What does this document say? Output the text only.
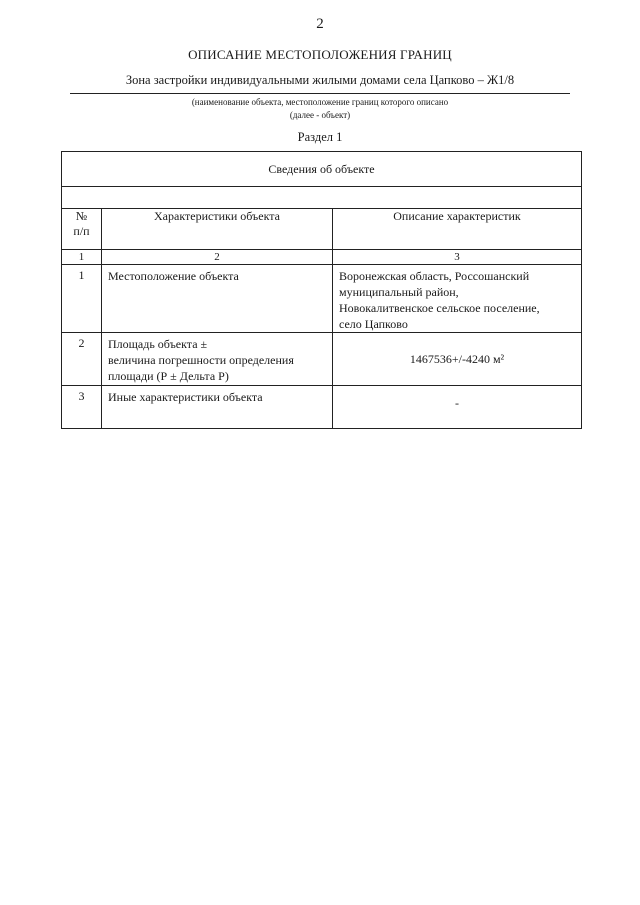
2
ОПИСАНИЕ МЕСТОПОЛОЖЕНИЯ ГРАНИЦ
Зона застройки индивидуальными жилыми домами села Цапково – Ж1/8
(наименование объекта, местоположение границ которого описано
(далее - объект)
Раздел 1
Сведения об объекте		

№
п/п	Характеристики объекта	Описание характеристик
1	2	3
1	Местоположение объекта	Воронежская область, Россошанский
муниципальный район,
Новокалитвенское сельское поселение,
село Цапково

2	Площадь объекта ±
величина погрешности определения
площади (Р ± Дельта Р)	1467536+/-4240 м²
3	Иные характеристики объекта	-
